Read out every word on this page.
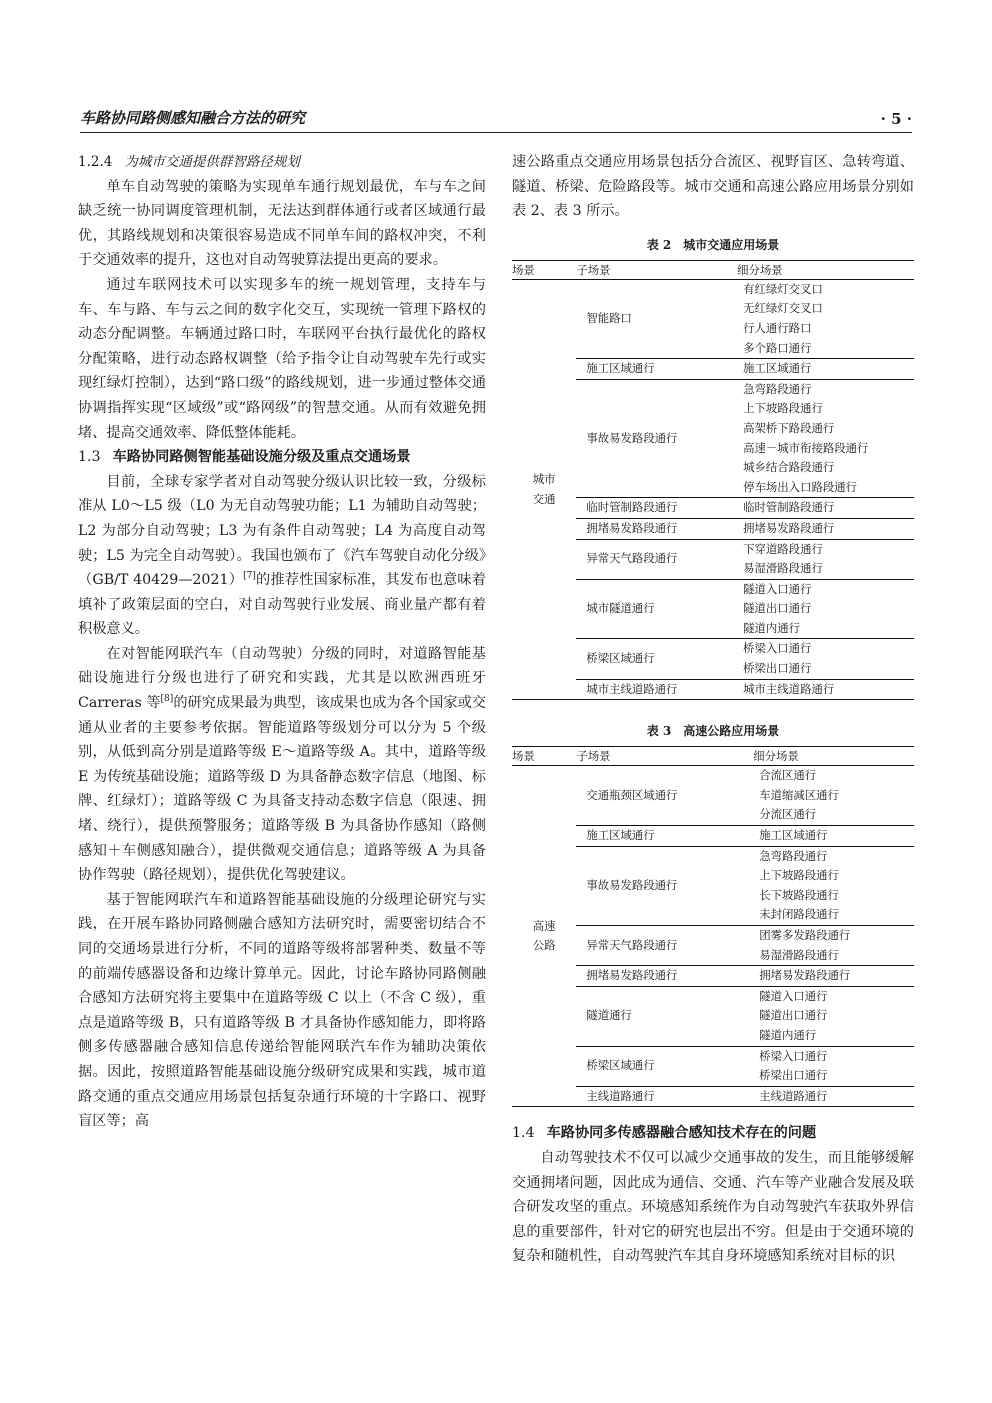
车路协同路侧感知融合方法的研究	· 5 ·
1.2.4 为城市交通提供群智路径规划

单车自动驾驶的策略为实现单车通行规划最优，车与车之间缺乏统一协同调度管理机制，无法达到群体通行或者区域通行最优，其路线规划和决策很容易造成不同单车间的路权冲突，不利于交通效率的提升，这也对自动驾驶算法提出更高的要求。

通过车联网技术可以实现多车的统一规划管理，支持车与车、车与路、车与云之间的数字化交互，实现统一管理下路权的动态分配调整。车辆通过路口时，车联网平台执行最优化的路权分配策略，进行动态路权调整（给予指令让自动驾驶车先行或实现红绿灯控制），达到“路口级”的路线规划，进一步通过整体交通协调指挥实现“区域级”或“路网级”的智慧交通。从而有效避免拥堵、提高交通效率、降低整体能耗。

1.3 车路协同路侧智能基础设施分级及重点交通场景

目前，全球专家学者对自动驾驶分级认识比较一致，分级标准从 L0～L5 级（L0 为无自动驾驶功能；L1 为辅助自动驾驶；L2 为部分自动驾驶；L3 为有条件自动驾驶；L4 为高度自动驾驶；L5 为完全自动驾驶）。我国也颁布了《汽车驾驶自动化分级》（GB/T 40429—2021）[7]的推荐性国家标准，其发布也意味着填补了政策层面的空白，对自动驾驶行业发展、商业量产都有着积极意义。

在对智能网联汽车（自动驾驶）分级的同时，对道路智能基础设施进行分级也进行了研究和实践，尤其是以欧洲西班牙 Carreras 等[8]的研究成果最为典型，该成果也成为各个国家或交通从业者的主要参考依据。智能道路等级划分可以分为 5 个级别，从低到高分别是道路等级 E～道路等级 A。其中，道路等级 E 为传统基础设施；道路等级 D 为具备静态数字信息（地图、标牌、红绿灯）；道路等级 C 为具备支持动态数字信息（限速、拥堵、绕行），提供预警服务；道路等级 B 为具备协作感知（路侧感知＋车侧感知融合），提供微观交通信息；道路等级 A 为具备协作驾驶（路径规划），提供优化驾驶建议。

基于智能网联汽车和道路智能基础设施的分级理论研究与实践，在开展车路协同路侧融合感知方法研究时，需要密切结合不同的交通场景进行分析，不同的道路等级将部署种类、数量不等的前端传感器设备和边缘计算单元。因此，讨论车路协同路侧融合感知方法研究将主要集中在道路等级 C 以上（不含 C 级），重点是道路等级 B，只有道路等级 B 才具备协作感知能力，即将路侧多传感器融合感知信息传递给智能网联汽车作为辅助决策依据。因此，按照道路智能基础设施分级研究成果和实践，城市道路交通的重点交通应用场景包括复杂通行环境的十字路口、视野盲区等；高

速公路重点交通应用场景包括分合流区、视野盲区、急转弯道、隧道、桥梁、危险路段等。城市交通和高速公路应用场景分别如表 2、表 3 所示。

表 2　城市交通应用场景
场景	子场景	细分场景
城市
交通	智能路口	有红绿灯交叉口
		无红绿灯交叉口
		行人通行路口
		多个路口通行
	施工区域通行	施工区域通行
	事故易发路段通行	急弯路段通行
		上下坡路段通行
		高架桥下路段通行
		高速－城市衔接路段通行
		城乡结合路段通行
		停车场出入口路段通行
	临时管制路段通行	临时管制路段通行
	拥堵易发路段通行	拥堵易发路段通行
	异常天气路段通行	下穿道路段通行
		易湿滑路段通行
	城市隧道通行	隧道入口通行
		隧道出口通行
		隧道内通行
	桥梁区域通行	桥梁入口通行
		桥梁出口通行
	城市主线道路通行	城市主线道路通行
表 3　高速公路应用场景
场景	子场景	细分场景
高速
公路	交通瓶颈区域通行	合流区通行
		车道缩减区通行
		分流区通行
	施工区域通行	施工区域通行
	事故易发路段通行	急弯路段通行
		上下坡路段通行
		长下坡路段通行
		未封闭路段通行
	异常天气路段通行	团雾多发路段通行
		易湿滑路段通行
	拥堵易发路段通行	拥堵易发路段通行
	隧道通行	隧道入口通行
		隧道出口通行
		隧道内通行
	桥梁区域通行	桥梁入口通行
		桥梁出口通行
	主线道路通行	主线道路通行
1.4 车路协同多传感器融合感知技术存在的问题

自动驾驶技术不仅可以减少交通事故的发生，而且能够缓解交通拥堵问题，因此成为通信、交通、汽车等产业融合发展及联合研发攻坚的重点。环境感知系统作为自动驾驶汽车获取外界信息的重要部件，针对它的研究也层出不穷。但是由于交通环境的复杂和随机性，自动驾驶汽车其自身环境感知系统对目标的识
